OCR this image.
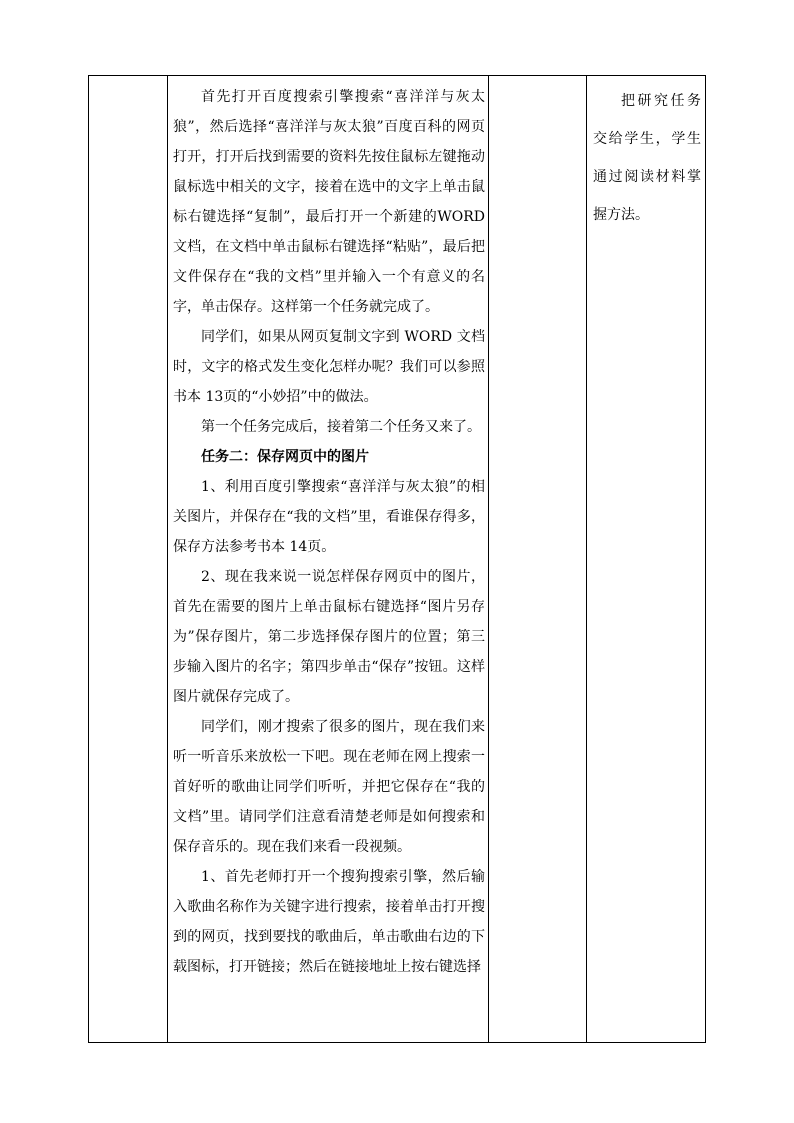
首先打开百度搜索引擎搜索“喜洋洋与灰太狼”，然后选择“喜洋洋与灰太狼”百度百科的网页打开，打开后找到需要的资料先按住鼠标左键拖动鼠标选中相关的文字，接着在选中的文字上单击鼠标右键选择“复制”，最后打开一个新建的WORD 文档，在文档中单击鼠标右键选择“粘贴”，最后把文件保存在“我的文档”里并输入一个有意义的名字，单击保存。这样第一个任务就完成了。

同学们，如果从网页复制文字到 WORD 文档时，文字的格式发生变化怎样办呢？我们可以参照书本 13页的“小妙招”中的做法。

第一个任务完成后，接着第二个任务又来了。

任务二：保存网页中的图片

1、利用百度引擎搜索“喜洋洋与灰太狼”的相关图片，并保存在“我的文档”里，看谁保存得多，保存方法参考书本 14页。

2、现在我来说一说怎样保存网页中的图片，首先在需要的图片上单击鼠标右键选择“图片另存为”保存图片，第二步选择保存图片的位置；第三步输入图片的名字；第四步单击“保存”按钮。这样图片就保存完成了。

同学们，刚才搜索了很多的图片，现在我们来听一听音乐来放松一下吧。现在老师在网上搜索一首好听的歌曲让同学们听听，并把它保存在“我的文档”里。请同学们注意看清楚老师是如何搜索和保存音乐的。现在我们来看一段视频。

1、首先老师打开一个搜狗搜索引擎，然后输入歌曲名称作为关键字进行搜索，接着单击打开搜到的网页，找到要找的歌曲后，单击歌曲右边的下载图标，打开链接；然后在链接地址上按右键选择

把研究任务交给学生，学生通过阅读材料掌握方法。
